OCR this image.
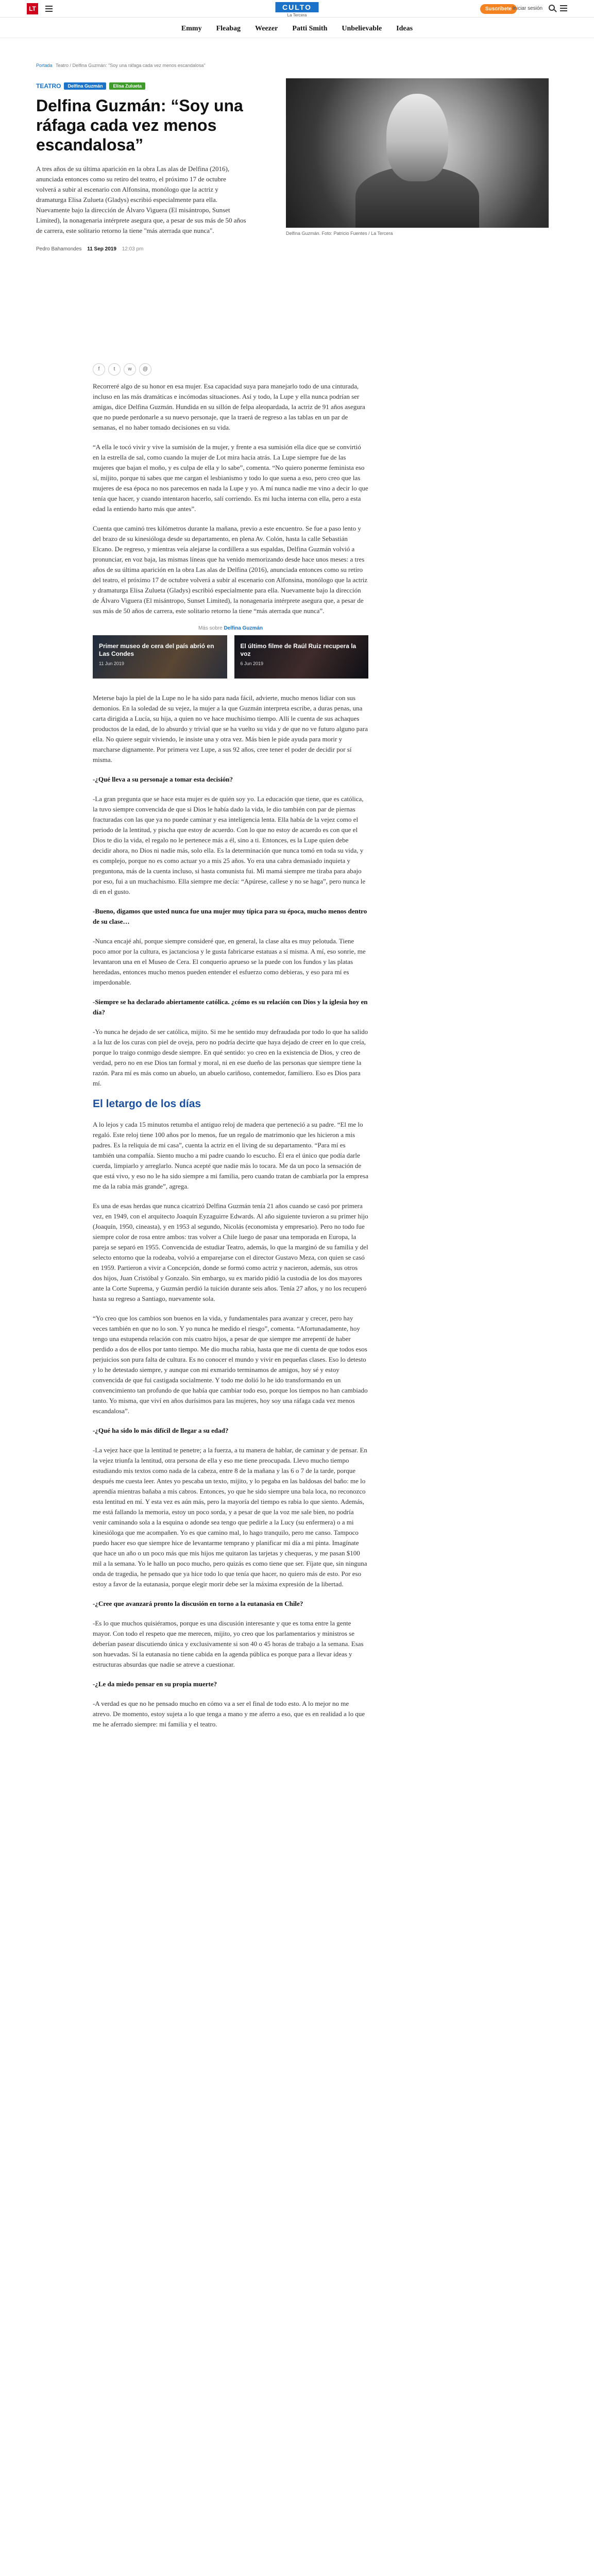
LT	CULTO
La Tercera
Suscríbete Iniciar sesión
Emmy Fleabag Weezer Patti Smith Unbelievable Ideas
Portada Teatro / Delfina Guzmán: "Soy una ráfaga cada vez menos escandalosa"
TEATRO	Delfina Guzmán	Elisa Zulueta
Delfina Guzmán: “Soy una ráfaga cada vez menos escandalosa”

A tres años de su última aparición en la obra Las alas de Delfina (2016), anunciada entonces como su retiro del teatro, el próximo 17 de octubre volverá a subir al escenario con Alfonsina, monólogo que la actriz y dramaturga Elisa Zulueta (Gladys) escribió especialmente para ella. Nuevamente bajo la dirección de Álvaro Viguera (El misántropo, Sunset Limited), la nonagenaria intérprete asegura que, a pesar de sus más de 50 años de carrera, este solitario retorno la tiene "más aterrada que nunca".

Pedro Bahamondes 11 Sep 2019 12:03 pm
Delfina Guzmán. Foto: Patricio Fuentes / La Tercera
f	t	w	@

Recorreré algo de su honor en esa mujer. Esa capacidad suya para manejarlo todo de una cinturada, incluso en las más dramáticas e incómodas situaciones. Así y todo, la Lupe y ella nunca podrían ser amigas, dice Delfina Guzmán. Hundida en su sillón de felpa aleopardada, la actriz de 91 años asegura que no puede perdonarle a su nuevo personaje, que la traerá de regreso a las tablas en un par de semanas, el no haber tomado decisiones en su vida.

“A ella le tocó vivir y vive la sumisión de la mujer, y frente a esa sumisión ella dice que se convirtió en la estrella de sal, como cuando la mujer de Lot mira hacia atrás. La Lupe siempre fue de las mujeres que bajan el moño, y es culpa de ella y lo sabe”, comenta. “No quiero ponerme feminista eso sí, mijito, porque tú sabes que me cargan el lesbianismo y todo lo que suena a eso, pero creo que las mujeres de esa época no nos parecemos en nada la Lupe y yo. A mí nunca nadie me vino a decir lo que tenía que hacer, y cuando intentaron hacerlo, salí corriendo. Es mi lucha interna con ella, pero a esta edad la entiendo harto más que antes”.

Cuenta que caminó tres kilómetros durante la mañana, previo a este encuentro. Se fue a paso lento y del brazo de su kinesióloga desde su departamento, en plena Av. Colón, hasta la calle Sebastián Elcano. De regreso, y mientras veía alejarse la cordillera a sus espaldas, Delfina Guzmán volvió a pronunciar, en voz baja, las mismas líneas que ha venido memorizando desde hace unos meses: a tres años de su última aparición en la obra Las alas de Delfina (2016), anunciada entonces como su retiro del teatro, el próximo 17 de octubre volverá a subir al escenario con Alfonsina, monólogo que la actriz y dramaturga Elisa Zulueta (Gladys) escribió especialmente para ella. Nuevamente bajo la dirección de Álvaro Viguera (El misántropo, Sunset Limited), la nonagenaria intérprete asegura que, a pesar de sus más de 50 años de carrera, este solitario retorno la tiene “más aterrada que nunca”.

Más sobre Delfina Guzmán
Primer museo de cera del país abrió en Las Condes
11 Jun 2019
El último filme de Raúl Ruiz recupera la voz
6 Jun 2019

Meterse bajo la piel de la Lupe no le ha sido para nada fácil, advierte, mucho menos lidiar con sus demonios. En la soledad de su vejez, la mujer a la que Guzmán interpreta escribe, a duras penas, una carta dirigida a Lucía, su hija, a quien no ve hace muchísimo tiempo. Allí le cuenta de sus achaques productos de la edad, de lo absurdo y trivial que se ha vuelto su vida y de que no ve futuro alguno para ella. No quiere seguir viviendo, le insiste una y otra vez. Más bien le pide ayuda para morir y marcharse dignamente. Por primera vez Lupe, a sus 92 años, cree tener el poder de decidir por sí misma.

-¿Qué lleva a su personaje a tomar esta decisión?

-La gran pregunta que se hace esta mujer es de quién soy yo. La educación que tiene, que es católica, la tuvo siempre convencida de que si Dios le había dado la vida, le dio también con par de piernas fracturadas con las que ya no puede caminar y esa inteligencia lenta. Ella había de la vejez como el periodo de la lentitud, y pischa que estoy de acuerdo. Con lo que no estoy de acuerdo es con que el Dios te dio la vida, el regalo no le pertenece más a él, sino a ti. Entonces, es la Lupe quien debe decidir ahora, no Dios ni nadie más, solo ella. Es la determinación que nunca tomó en toda su vida, y es complejo, porque no es como actuar yo a mis 25 años. Yo era una cabra demasiado inquieta y preguntona, más de la cuenta incluso, si hasta comunista fui. Mi mamá siempre me tiraba para abajo por eso, fui a un muchachismo. Ella siempre me decía: “Apúrese, callese y no se haga”, pero nunca le di en el gusto.

-Bueno, digamos que usted nunca fue una mujer muy típica para su época, mucho menos dentro de su clase…

-Nunca encajé ahí, porque siempre consideré que, en general, la clase alta es muy pelotuda. Tiene poco amor por la cultura, es jactanciosa y le gusta fabricarse estatuas a sí misma. A mí, eso sonrie, me levantaron una en el Museo de Cera. El conquerio aprueso se la puede con los fundos y las platas heredadas, entonces mucho menos pueden entender el esfuerzo como debieras, y eso para mí es imperdonable.

-Siempre se ha declarado abiertamente católica. ¿cómo es su relación con Dios y la iglesia hoy en día?

-Yo nunca he dejado de ser católica, mijito. Si me he sentido muy defraudada por todo lo que ha salido a la luz de los curas con piel de oveja, pero no podría decirte que haya dejado de creer en lo que creía, porque lo traigo conmigo desde siempre. En qué sentido: yo creo en la existencia de Dios, y creo de verdad, pero no en ese Dios tan formal y moral, ni en ese dueño de las personas que siempre tiene la razón. Para mí es más como un abuelo, un abuelo cariñoso, contemedor, familiero. Eso es Dios para mí.

El letargo de los días

A lo lejos y cada 15 minutos retumba el antiguo reloj de madera que perteneció a su padre. “El me lo regaló. Este reloj tiene 100 años por lo menos, fue un regalo de matrimonio que les hicieron a mis padres. Es la reliquia de mi casa”, cuenta la actriz en el living de su departamento. “Para mí es también una compañía. Siento mucho a mi padre cuando lo escucho. Él era el único que podía darle cuerda, limpiarlo y arreglarlo. Nunca acepté que nadie más lo tocara. Me da un poco la sensación de que está vivo, y eso no le ha sido siempre a mi familia, pero cuando tratan de cambiarla por la empresa me da la rabia más grande”, agrega.

Es una de esas herdas que nunca cicatrizó Delfina Guzmán tenía 21 años cuando se casó por primera vez, en 1949, con el arquitecto Joaquín Eyzaguirre Edwards. Al año siguiente tuvieron a su primer hijo (Joaquín, 1950, cineasta), y en 1953 al segundo, Nicolás (economista y empresario). Pero no todo fue siempre color de rosa entre ambos: tras volver a Chile luego de pasar una temporada en Europa, la pareja se separó en 1955. Convencida de estudiar Teatro, además, lo que la marginó de su familia y del selecto entorno que la rodeaba, volvió a emparejarse con el director Gustavo Meza, con quien se casó en 1959. Partieron a vivir a Concepción, donde se formó como actriz y nacieron, además, sus otros dos hijos, Juan Cristóbal y Gonzalo. Sin embargo, su ex marido pidió la custodia de los dos mayores ante la Corte Suprema, y Guzmán perdió la tuición durante seis años. Tenía 27 años, y no los recuperó hasta su regreso a Santiago, nuevamente sola.

“Yo creo que los cambios son buenos en la vida, y fundamentales para avanzar y crecer, pero hay veces también en que no lo son. Y yo nunca he medido el riesgo”, comenta. “Afortunadamente, hoy tengo una estupenda relación con mis cuatro hijos, a pesar de que siempre me arrepentí de haber perdido a dos de ellos por tanto tiempo. Me dio mucha rabia, hasta que me di cuenta de que todos esos perjuicios son pura falta de cultura. Es no conocer el mundo y vivir en pequeñas clases. Eso lo detesto y lo he detestado siempre, y aunque con mi exmarido terminamos de amigos, hoy sé y estoy convencida de que fui castigada socialmente. Y todo me dolió lo he ido transformando en un convencimiento tan profundo de que había que cambiar todo eso, porque los tiempos no han cambiado tanto. Yo misma, que viví en años durísimos para las mujeres, hoy soy una ráfaga cada vez menos escandalosa”.

-¿Qué ha sido lo más difícil de llegar a su edad?

-La vejez hace que la lentitud te penetre; a la fuerza, a tu manera de hablar, de caminar y de pensar. En la vejez triunfa la lentitud, otra persona de ella y eso me tiene preocupada. Llevo mucho tiempo estudiando mis textos como nada de la cabeza, entre 8 de la mañana y las 6 o 7 de la tarde, porque después me cuesta leer. Antes yo pescaba un texto, mijito, y lo pegaba en las baldosas del baño: me lo aprendía mientras bañaba a mis cabros. Entonces, yo que he sido siempre una bala loca, no reconozco esta lentitud en mí. Y esta vez es aún más, pero la mayoría del tiempo es rabia lo que siento. Además, me está fallando la memoria, estoy un poco sorda, y a pesar de que la voz me sale bien, no podría venir caminando sola a la esquina o adonde sea tengo que pedirle a la Lucy (su enfermera) o a mi kinesióloga que me acompañen. Yo es que camino mal, lo hago tranquilo, pero me canso. Tampoco puedo hacer eso que siempre hice de levantarme temprano y planificar mi día a mi pinta. Imagínate que hace un año o un poco más que mis hijos me quitaron las tarjetas y chequeras, y me pasan $100 mil a la semana. Yo le hallo un poco mucho, pero quizás es como tiene que ser. Fíjate que, sin ninguna onda de tragedia, he pensado que ya hice todo lo que tenía que hacer, no quiero más de esto. Por eso estoy a favor de la eutanasia, porque elegir morir debe ser la máxima expresión de la libertad.

-¿Cree que avanzará pronto la discusión en torno a la eutanasia en Chile?

-Es lo que muchos quisiéramos, porque es una discusión interesante y que es toma entre la gente mayor. Con todo el respeto que me merecen, mijito, yo creo que los parlamentarios y ministros se deberían pasear discutiendo única y exclusivamente si son 40 o 45 horas de trabajo a la semana. Esas son huevadas. Sí la eutanasia no tiene cabida en la agenda pública es porque para a llevar ideas y estructuras absurdas que nadie se atreve a cuestionar.

-¿Le da miedo pensar en su propia muerte?

-A verdad es que no he pensado mucho en cómo va a ser el final de todo esto. A lo mejor no me atrevo. De momento, estoy sujeta a lo que tenga a mano y me aferro a eso, que es en realidad a lo que me he aferrado siempre: mi familia y el teatro.
